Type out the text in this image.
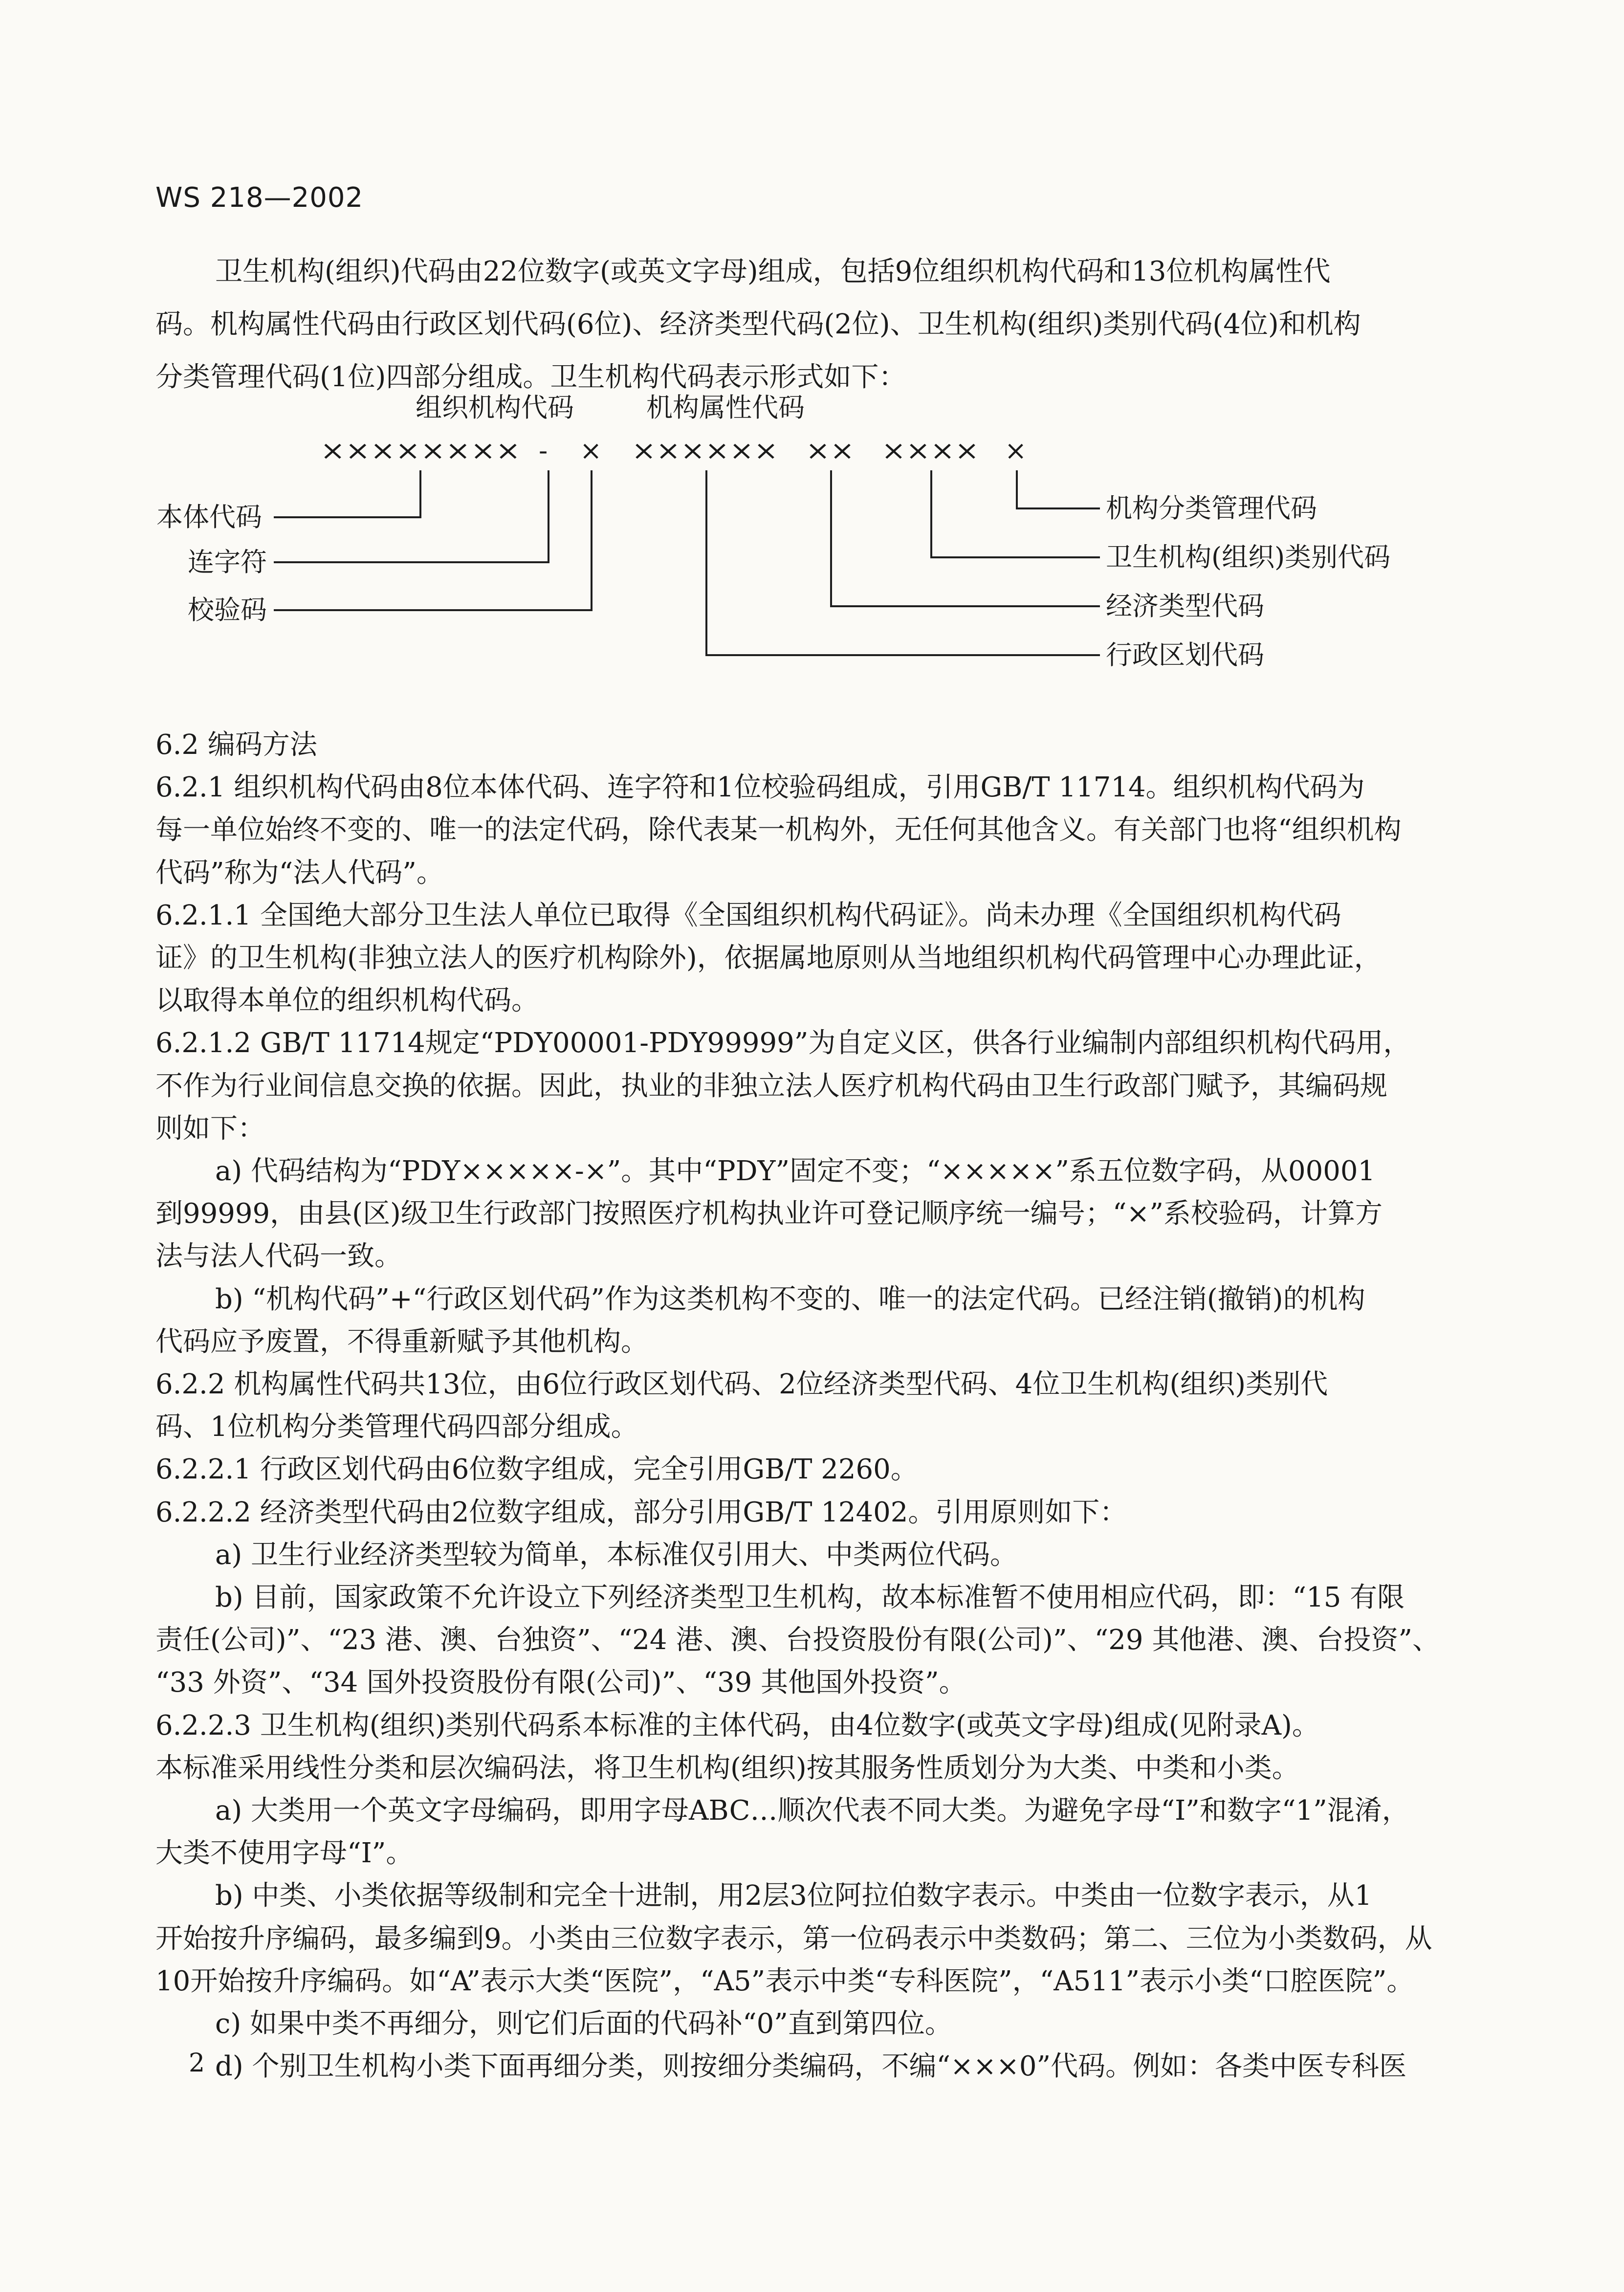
WS 218—2002
卫生机构(组织)代码由22位数字(或英文字母)组成，包括9位组织机构代码和13位机构属性代
码。机构属性代码由行政区划代码(6位)、经济类型代码(2位)、卫生机构(组织)类别代码(4位)和机构
分类管理代码(1位)四部分组成。卫生机构代码表示形式如下：
组织机构代码	机构属性代码
×××××××× - × ×××××× ×× ×××× ×
本体代码
连字符
校验码
机构分类管理代码
卫生机构(组织)类别代码
经济类型代码
行政区划代码
6.2 编码方法
6.2.1 组织机构代码由8位本体代码、连字符和1位校验码组成，引用GB/T 11714。组织机构代码为
每一单位始终不变的、唯一的法定代码，除代表某一机构外，无任何其他含义。有关部门也将“组织机构
代码”称为“法人代码”。
6.2.1.1 全国绝大部分卫生法人单位已取得《全国组织机构代码证》。尚未办理《全国组织机构代码
证》的卫生机构(非独立法人的医疗机构除外)，依据属地原则从当地组织机构代码管理中心办理此证，
以取得本单位的组织机构代码。
6.2.1.2 GB/T 11714规定“PDY00001-PDY99999”为自定义区，供各行业编制内部组织机构代码用，
不作为行业间信息交换的依据。因此，执业的非独立法人医疗机构代码由卫生行政部门赋予，其编码规
则如下：
a) 代码结构为“PDY×××××-×”。其中“PDY”固定不变；“×××××”系五位数字码，从00001
到99999，由县(区)级卫生行政部门按照医疗机构执业许可登记顺序统一编号；“×”系校验码，计算方
法与法人代码一致。
b) “机构代码”+“行政区划代码”作为这类机构不变的、唯一的法定代码。已经注销(撤销)的机构
代码应予废置，不得重新赋予其他机构。
6.2.2 机构属性代码共13位，由6位行政区划代码、2位经济类型代码、4位卫生机构(组织)类别代
码、1位机构分类管理代码四部分组成。
6.2.2.1 行政区划代码由6位数字组成，完全引用GB/T 2260。
6.2.2.2 经济类型代码由2位数字组成，部分引用GB/T 12402。引用原则如下：
a) 卫生行业经济类型较为简单，本标准仅引用大、中类两位代码。
b) 目前，国家政策不允许设立下列经济类型卫生机构，故本标准暂不使用相应代码，即：“15 有限
责任(公司)”、“23 港、澳、台独资”、“24 港、澳、台投资股份有限(公司)”、“29 其他港、澳、台投资”、
“33 外资”、“34 国外投资股份有限(公司)”、“39 其他国外投资”。
6.2.2.3 卫生机构(组织)类别代码系本标准的主体代码，由4位数字(或英文字母)组成(见附录A)。
本标准采用线性分类和层次编码法，将卫生机构(组织)按其服务性质划分为大类、中类和小类。
a) 大类用一个英文字母编码，即用字母ABC…顺次代表不同大类。为避免字母“I”和数字“1”混淆，
大类不使用字母“I”。
b) 中类、小类依据等级制和完全十进制，用2层3位阿拉伯数字表示。中类由一位数字表示，从1
开始按升序编码，最多编到9。小类由三位数字表示，第一位码表示中类数码；第二、三位为小类数码，从
10开始按升序编码。如“A”表示大类“医院”，“A5”表示中类“专科医院”，“A511”表示小类“口腔医院”。
c) 如果中类不再细分，则它们后面的代码补“0”直到第四位。
d) 个别卫生机构小类下面再细分类，则按细分类编码，不编“×××0”代码。例如：各类中医专科医
2
